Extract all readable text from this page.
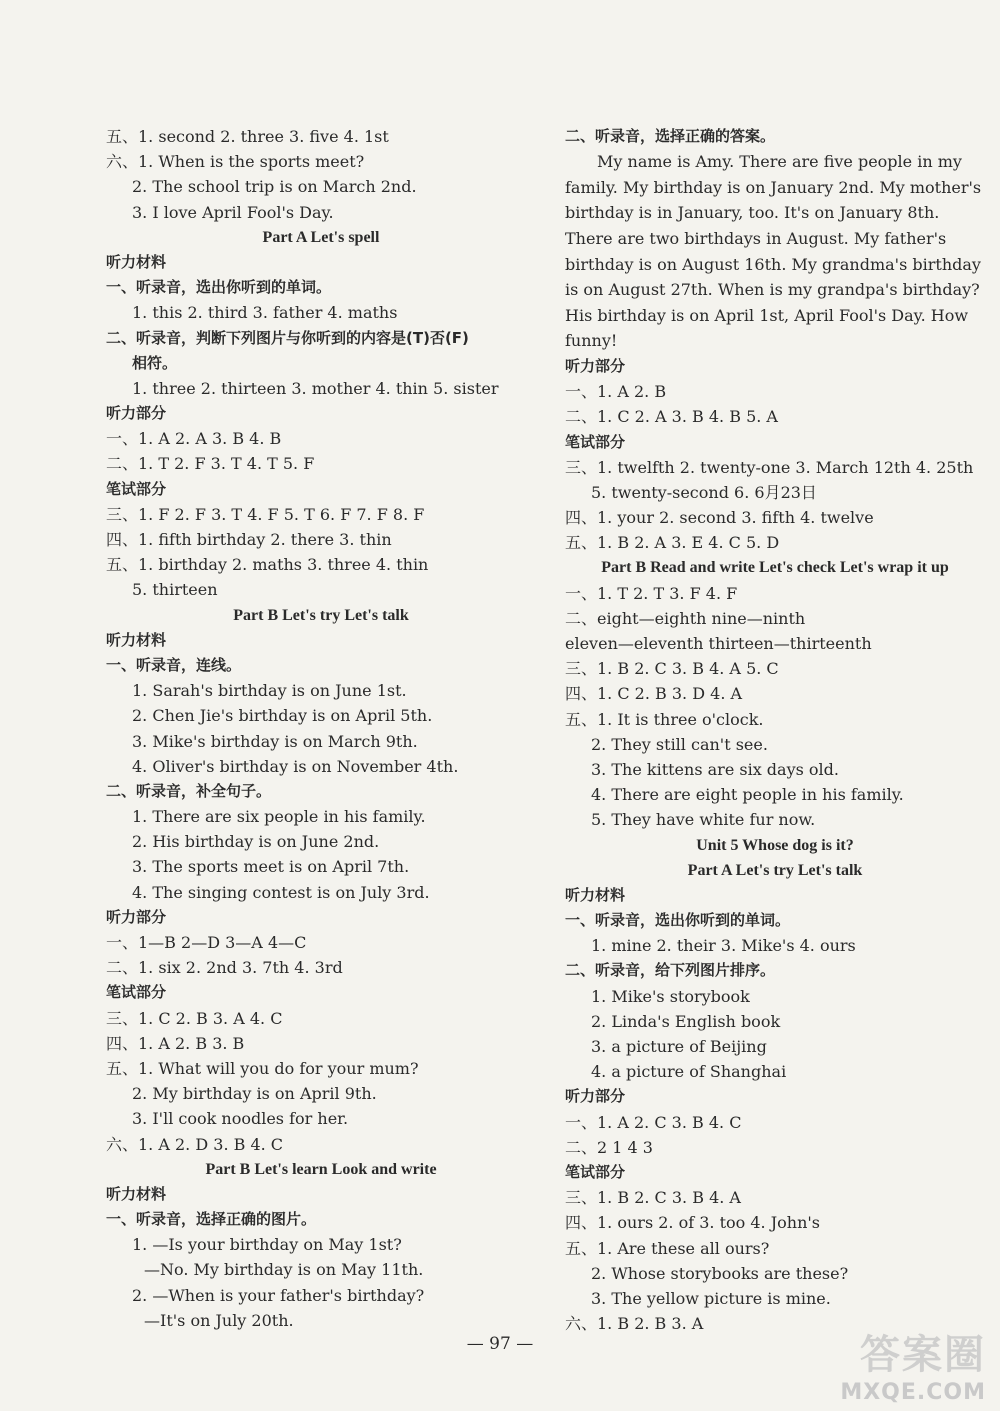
五、1. second 2. three 3. five 4. 1st
六、1. When is the sports meet?
2. The school trip is on March 2nd.
3. I love April Fool's Day.
Part A Let's spell
听力材料
一、听录音，选出你听到的单词。
1. this 2. third 3. father 4. maths
二、听录音，判断下列图片与你听到的内容是(T)否(F)
相符。
1. three 2. thirteen 3. mother 4. thin 5. sister
听力部分
一、1. A 2. A 3. B 4. B
二、1. T 2. F 3. T 4. T 5. F
笔试部分
三、1. F 2. F 3. T 4. F 5. T 6. F 7. F 8. F
四、1. fifth birthday 2. there 3. thin
五、1. birthday 2. maths 3. three 4. thin
5. thirteen
Part B Let's try Let's talk
听力材料
一、听录音，连线。
1. Sarah's birthday is on June 1st.
2. Chen Jie's birthday is on April 5th.
3. Mike's birthday is on March 9th.
4. Oliver's birthday is on November 4th.
二、听录音，补全句子。
1. There are six people in his family.
2. His birthday is on June 2nd.
3. The sports meet is on April 7th.
4. The singing contest is on July 3rd.
听力部分
一、1—B 2—D 3—A 4—C
二、1. six 2. 2nd 3. 7th 4. 3rd
笔试部分
三、1. C 2. B 3. A 4. C
四、1. A 2. B 3. B
五、1. What will you do for your mum?
2. My birthday is on April 9th.
3. I'll cook noodles for her.
六、1. A 2. D 3. B 4. C
Part B Let's learn Look and write
听力材料
一、听录音，选择正确的图片。
1. —Is your birthday on May 1st?
—No. My birthday is on May 11th.
2. —When is your father's birthday?
—It's on July 20th.
二、听录音，选择正确的答案。
My name is Amy. There are five people in my family. My birthday is on January 2nd. My mother's birthday is in January, too. It's on January 8th. There are two birthdays in August. My father's birthday is on August 16th. My grandma's birthday is on August 27th. When is my grandpa's birthday? His birthday is on April 1st, April Fool's Day. How funny!
听力部分
一、1. A 2. B
二、1. C 2. A 3. B 4. B 5. A
笔试部分
三、1. twelfth 2. twenty-one 3. March 12th 4. 25th
5. twenty-second 6. 6月23日
四、1. your 2. second 3. fifth 4. twelve
五、1. B 2. A 3. E 4. C 5. D
Part B Read and write Let's check Let's wrap it up
一、1. T 2. T 3. F 4. F
二、eight—eighth nine—ninth
eleven—eleventh thirteen—thirteenth
三、1. B 2. C 3. B 4. A 5. C
四、1. C 2. B 3. D 4. A
五、1. It is three o'clock.
2. They still can't see.
3. The kittens are six days old.
4. There are eight people in his family.
5. They have white fur now.
Unit 5 Whose dog is it?
Part A Let's try Let's talk
听力材料
一、听录音，选出你听到的单词。
1. mine 2. their 3. Mike's 4. ours
二、听录音，给下列图片排序。
1. Mike's storybook
2. Linda's English book
3. a picture of Beijing
4. a picture of Shanghai
听力部分
一、1. A 2. C 3. B 4. C
二、2 1 4 3
笔试部分
三、1. B 2. C 3. B 4. A
四、1. ours 2. of 3. too 4. John's
五、1. Are these all ours?
2. Whose storybooks are these?
3. The yellow picture is mine.
六、1. B 2. B 3. A
— 97 —	答案圈
MXQE.COM
